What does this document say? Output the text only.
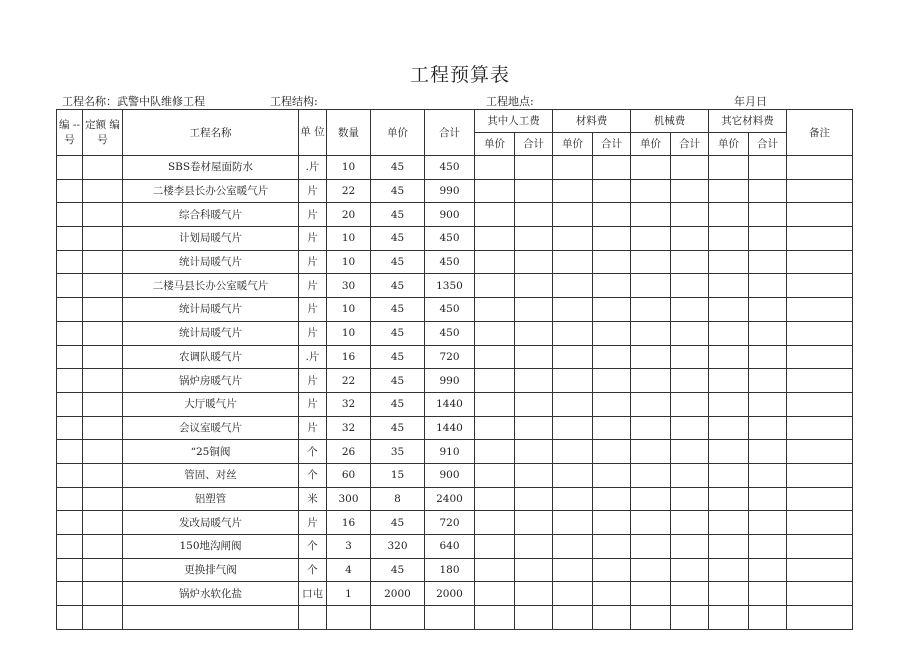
工程预算表
工程名称：武警中队维修工程	工程结构:	工程地点:	年月日
编 --号	定额 编号	工程名称	单 位	数量	单价	合计	其中人工费		材料费		机械费		其它材料费		备注
							单价	合计	单价	合计	单价	合计	单价	合计	
		SBS卷材屋面防水	.片	10	45	450									
		二楼李县长办公室暖气片	片	22	45	990									
		综合科暖气片	片	20	45	900									
		计划局暖气片	片	10	45	450									
		统计局暖气片	片	10	45	450									
		二楼马县长办公室暖气片	片	30	45	1350									
		统计局暖气片	片	10	45	450									
		统计局暖气片	片	10	45	450									
		农调队暖气片	.片	16	45	720									
		锅炉房暖气片	片	22	45	990									
		大厅暖气片	片	32	45	1440									
		会议室暖气片	片	32	45	1440									
		“25铜阀	个	26	35	910									
		管固、对丝	个	60	15	900									
		铝塑管	米	300	8	2400									
		发改局暖气片	片	16	45	720									
		150地沟闸阀	个	3	320	640									
		更换排气阀	个	4	45	180									
		锅炉水软化盐	口屯	1	2000	2000									
